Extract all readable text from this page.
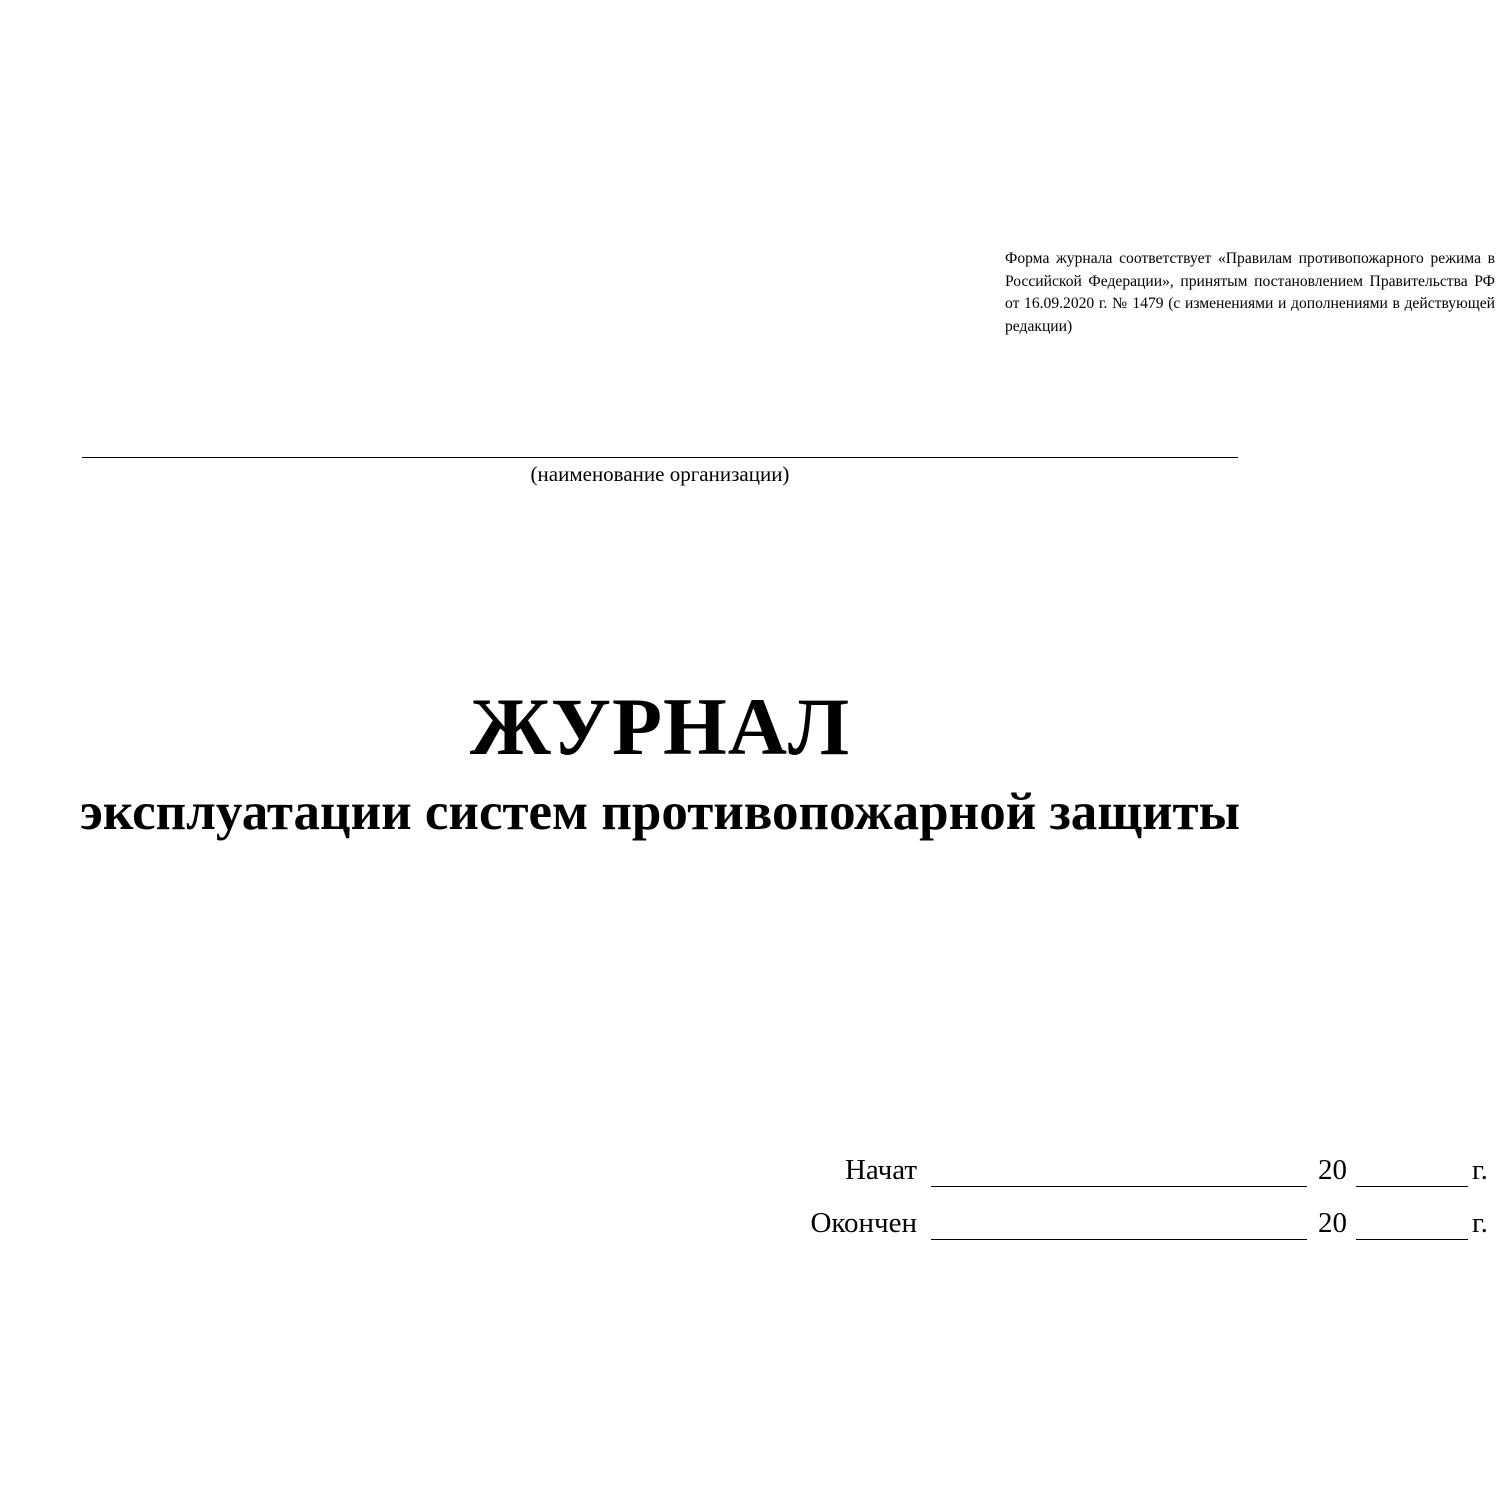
Форма журнала соответствует «Правилам противопожарного режима в Российской Федерации», принятым постановлением Правительства РФ от 16.09.2020 г. № 1479 (с изменениями и дополнениями в действующей редакции)
(наименование организации)
ЖУРНАЛ
эксплуатации систем противопожарной защиты
Начат	20	г.
Окончен	20	г.
